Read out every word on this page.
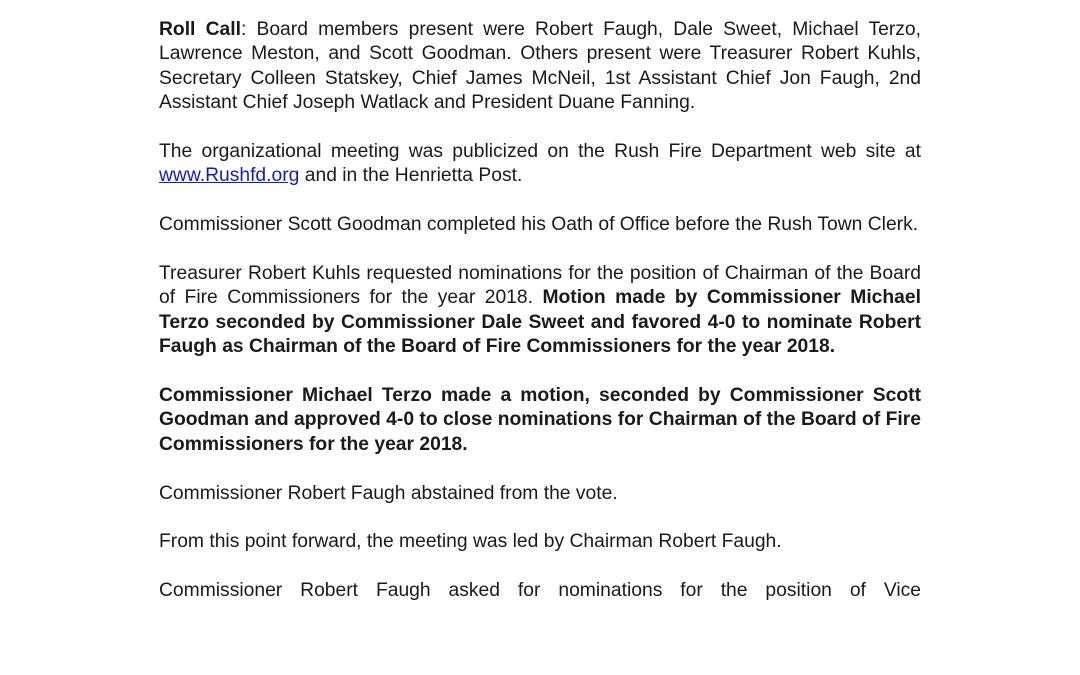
Roll Call: Board members present were Robert Faugh, Dale Sweet, Michael Terzo, Lawrence Meston, and Scott Goodman. Others present were Treasurer Robert Kuhls, Secretary Colleen Statskey, Chief James McNeil, 1st Assistant Chief Jon Faugh, 2nd Assistant Chief Joseph Watlack and President Duane Fanning.

The organizational meeting was publicized on the Rush Fire Department web site at www.Rushfd.org and in the Henrietta Post.

Commissioner Scott Goodman completed his Oath of Office before the Rush Town Clerk.

Treasurer Robert Kuhls requested nominations for the position of Chairman of the Board of Fire Commissioners for the year 2018. Motion made by Commissioner Michael Terzo seconded by Commissioner Dale Sweet and favored 4-0 to nominate Robert Faugh as Chairman of the Board of Fire Commissioners for the year 2018.

Commissioner Michael Terzo made a motion, seconded by Commissioner Scott Goodman and approved 4-0 to close nominations for Chairman of the Board of Fire Commissioners for the year 2018.

Commissioner Robert Faugh abstained from the vote.

From this point forward, the meeting was led by Chairman Robert Faugh.

Commissioner Robert Faugh asked for nominations for the position of Vice
